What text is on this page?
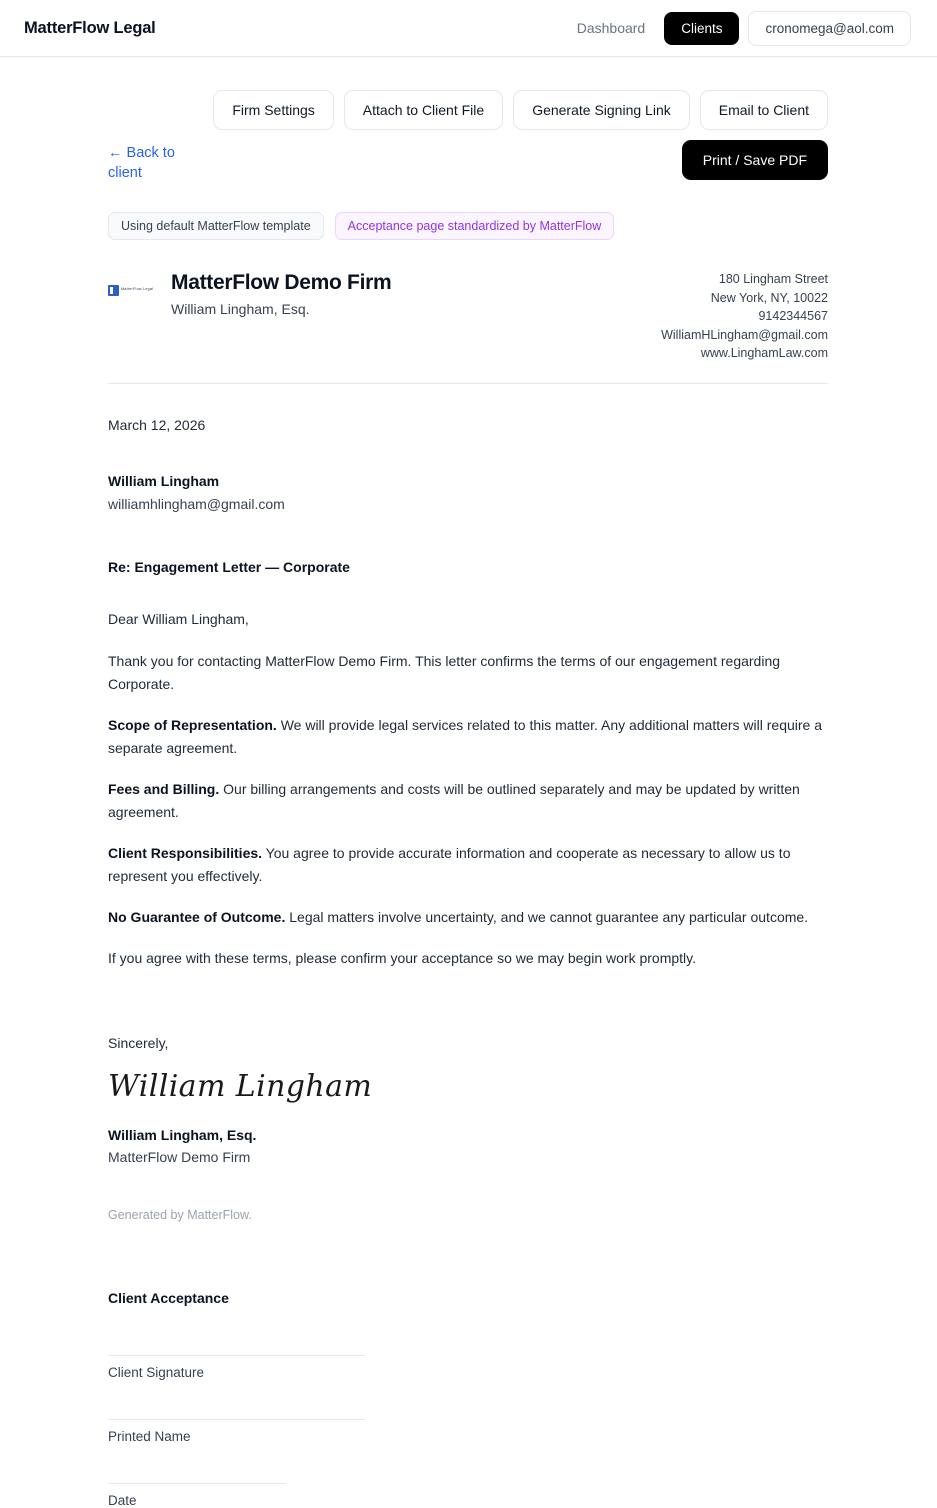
MatterFlow Legal	Dashboard	Clients	cronomega@aol.com
← Back to client
Firm Settings	Attach to Client File	Generate Signing Link	Email to Client
Print / Save PDF
Using default MatterFlow template	Acceptance page standardized by MatterFlow
MatterFlow Legal MatterFlow Demo Firm
William Lingham, Esq.
180 Lingham Street
New York, NY, 10022
9142344567
WilliamHLingham@gmail.com
www.LinghamLaw.com
March 12, 2026
William Lingham
williamhlingham@gmail.com
Re: Engagement Letter — Corporate

Dear William Lingham,

Thank you for contacting MatterFlow Demo Firm. This letter confirms the terms of our engagement regarding Corporate.

Scope of Representation. We will provide legal services related to this matter. Any additional matters will require a separate agreement.

Fees and Billing. Our billing arrangements and costs will be outlined separately and may be updated by written agreement.

Client Responsibilities. You agree to provide accurate information and cooperate as necessary to allow us to represent you effectively.

No Guarantee of Outcome. Legal matters involve uncertainty, and we cannot guarantee any particular outcome.

If you agree with these terms, please confirm your acceptance so we may begin work promptly.

Sincerely,
William Lingham
William Lingham, Esq.
MatterFlow Demo Firm
Generated by MatterFlow.
Client Acceptance
Client Signature
Printed Name
Date
